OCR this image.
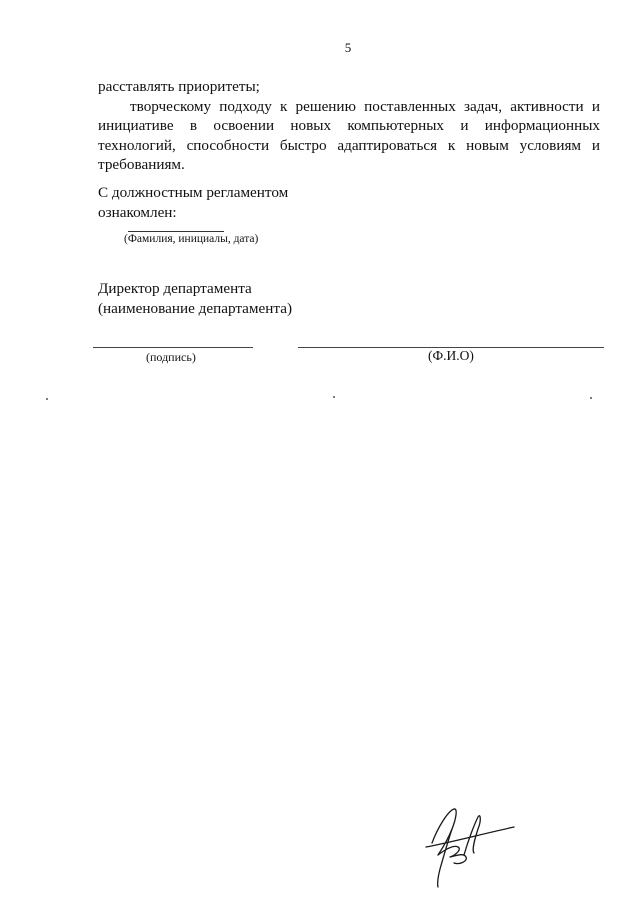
5

расставлять приоритеты;

творческому подходу к решению поставленных задач, активности и инициативе в освоении новых компьютерных и информационных технологий, способности быстро адаптироваться к новым условиям и требованиям.

С должностным регламентом
ознакомлен:
(Фамилия, инициалы, дата)
Директор департамента
(наименование департамента)
(подпись)	(Ф.И.О)
